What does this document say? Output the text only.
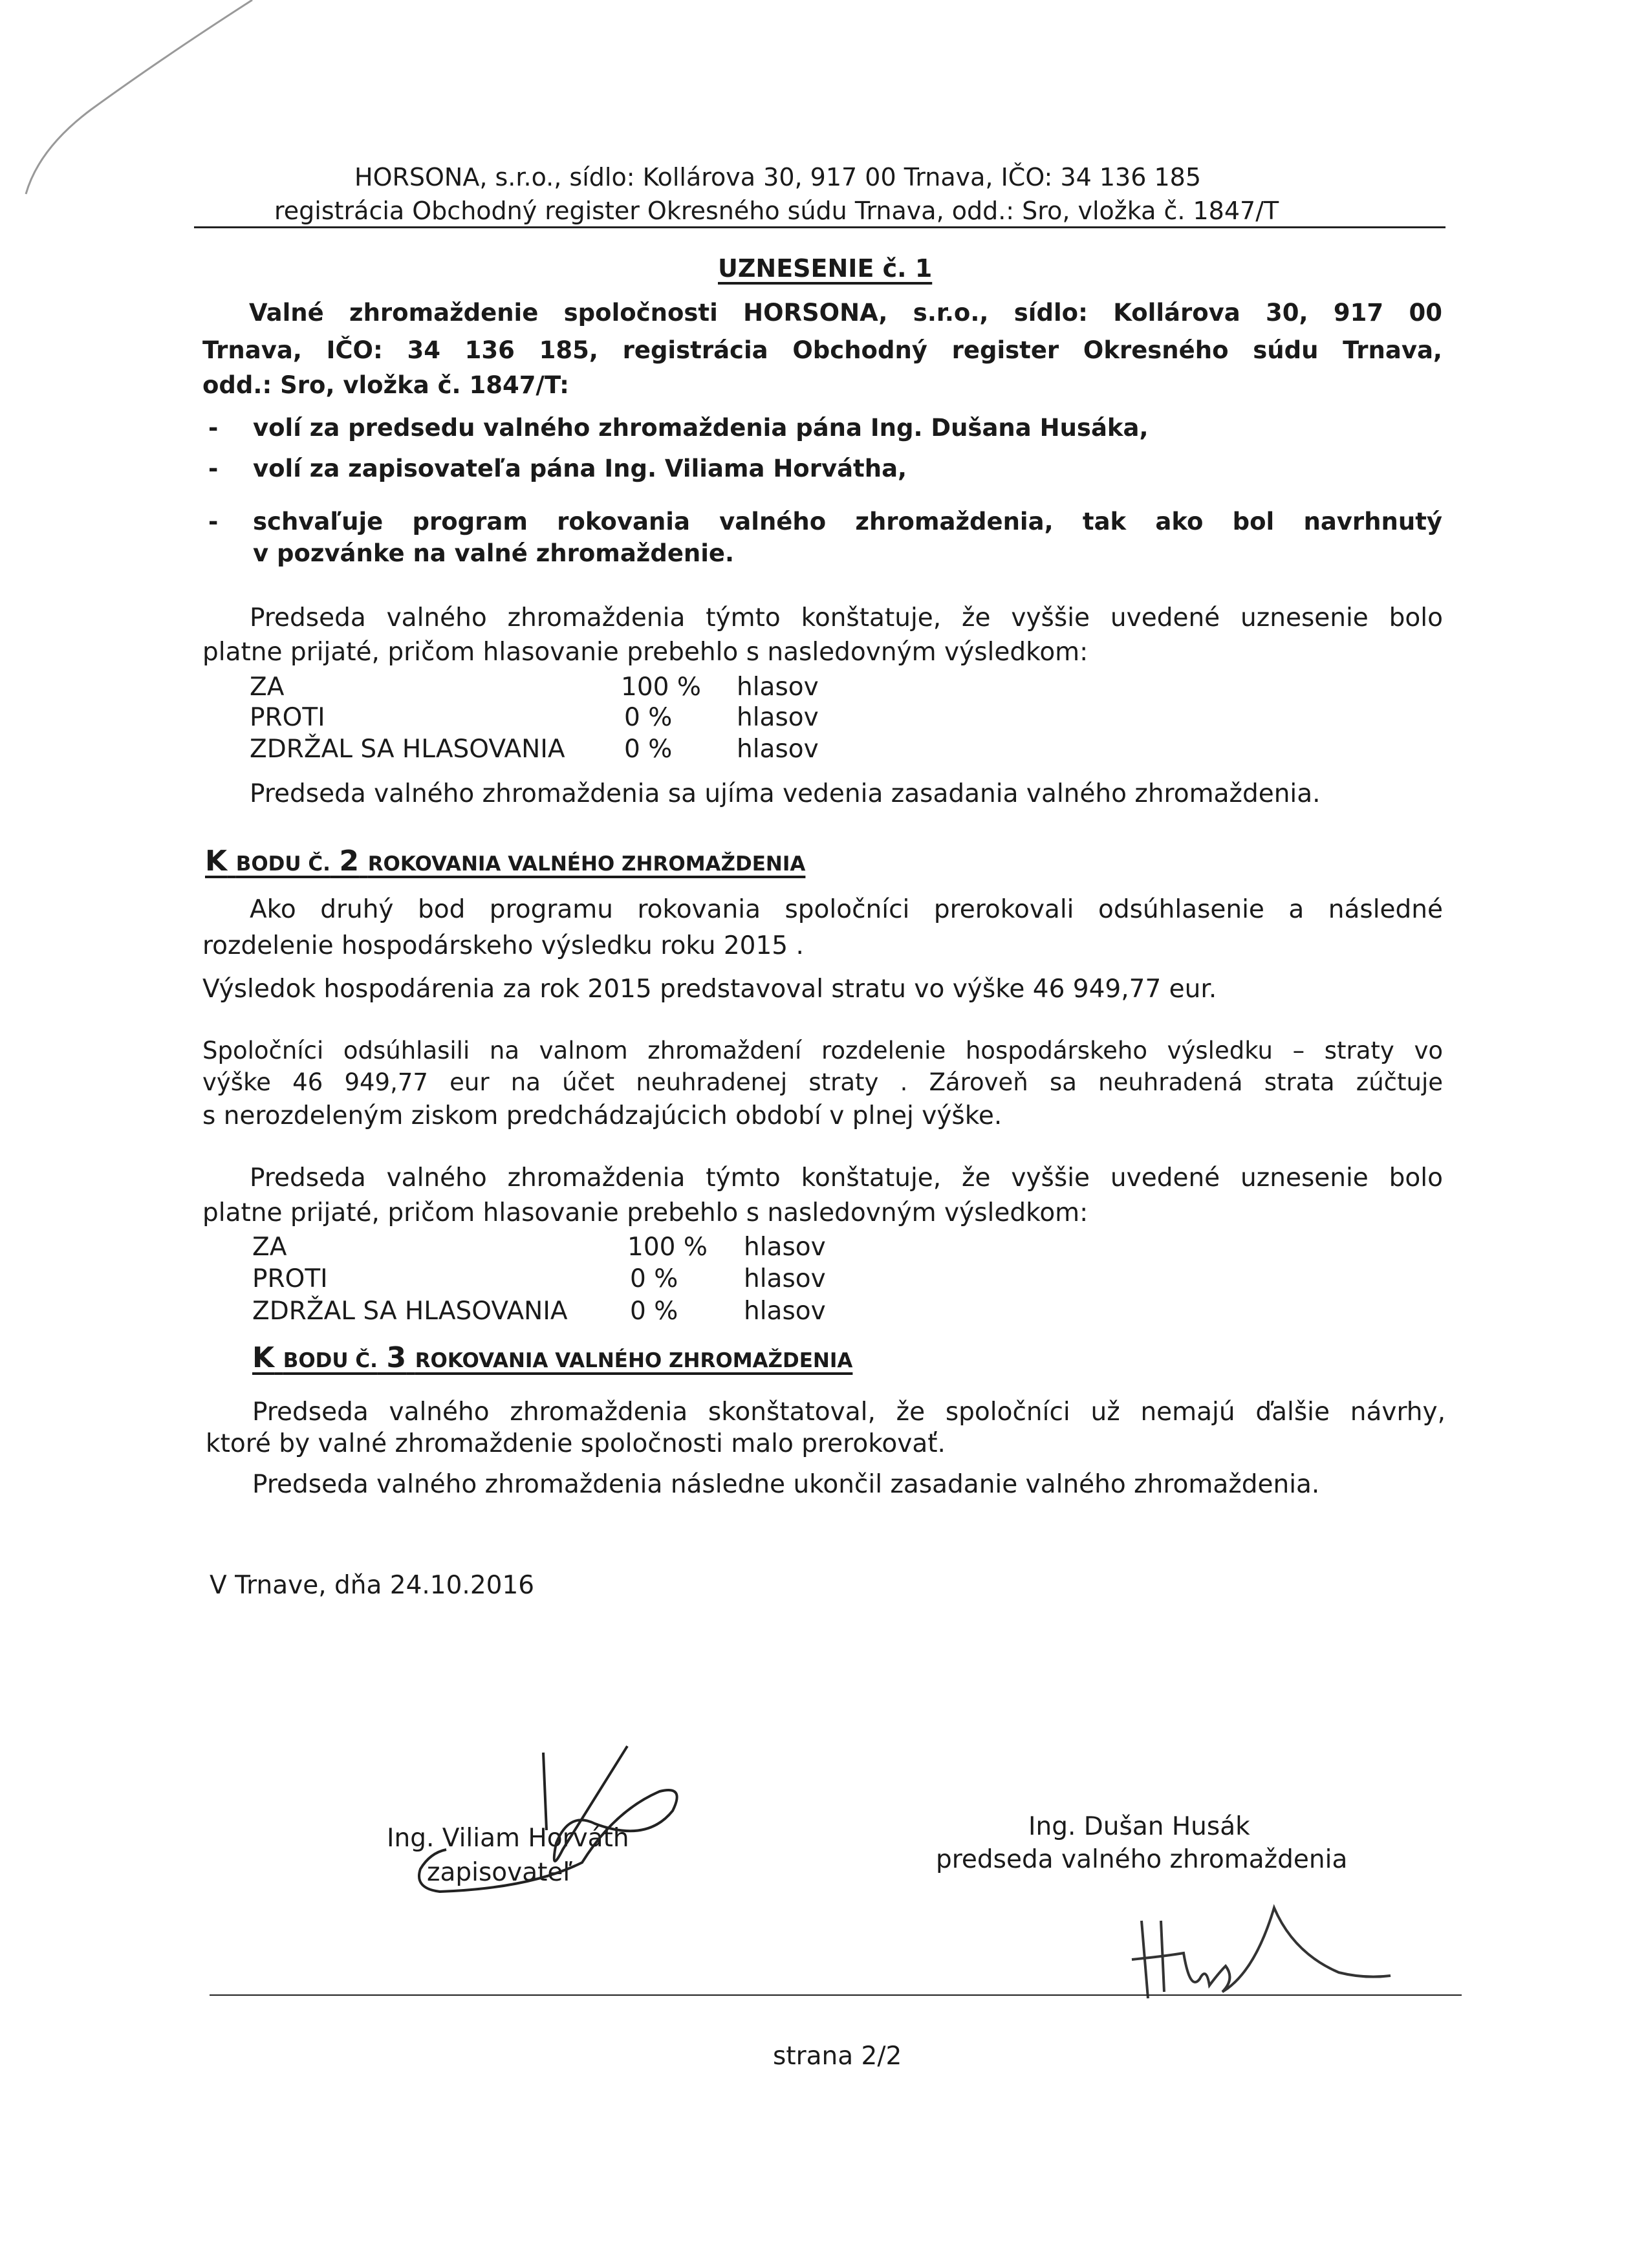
HORSONA, s.r.o., sídlo: Kollárova 30, 917 00 Trnava, IČO: 34 136 185
registrácia Obchodný register Okresného súdu Trnava, odd.: Sro, vložka č. 1847/T
UZNESENIE č. 1
Valné zhromaždenie spoločnosti HORSONA, s.r.o., sídlo: Kollárova 30, 917 00
Trnava, IČO: 34 136 185, registrácia Obchodný register Okresného súdu Trnava,
odd.: Sro, vložka č. 1847/T:
- volí za predsedu valného zhromaždenia pána Ing. Dušana Husáka,
- volí za zapisovateľa pána Ing. Viliama Horvátha,
- schvaľuje program rokovania valného zhromaždenia, tak ako bol navrhnutý
v pozvánke na valné zhromaždenie.
Predseda valného zhromaždenia týmto konštatuje, že vyššie uvedené uznesenie bolo
platne prijaté, pričom hlasovanie prebehlo s nasledovným výsledkom:
ZA	100 % hlasov
PROTI	0 %	hlasov
ZDRŽAL SA HLASOVANIA 0 %	hlasov
Predseda valného zhromaždenia sa ujíma vedenia zasadania valného zhromaždenia.
K BODU Č. 2 ROKOVANIA VALNÉHO ZHROMAŽDENIA
Ako druhý bod programu rokovania spoločníci prerokovali odsúhlasenie a následné
rozdelenie hospodárskeho výsledku roku 2015 .
Výsledok hospodárenia za rok 2015 predstavoval stratu vo výške 46 949,77 eur.
Spoločníci odsúhlasili na valnom zhromaždení rozdelenie hospodárskeho výsledku – straty vo
výške 46 949,77 eur na účet neuhradenej straty . Zároveň sa neuhradená strata zúčtuje
s nerozdeleným ziskom predchádzajúcich období v plnej výške.
Predseda valného zhromaždenia týmto konštatuje, že vyššie uvedené uznesenie bolo
platne prijaté, pričom hlasovanie prebehlo s nasledovným výsledkom:
ZA	100 % hlasov
PROTI	0 %	hlasov
ZDRŽAL SA HLASOVANIA 0 %	hlasov
K BODU Č. 3 ROKOVANIA VALNÉHO ZHROMAŽDENIA
Predseda valného zhromaždenia skonštatoval, že spoločníci už nemajú ďalšie návrhy,
ktoré by valné zhromaždenie spoločnosti malo prerokovať.
Predseda valného zhromaždenia následne ukončil zasadanie valného zhromaždenia.
V Trnave, dňa 24.10.2016
Ing. Viliam Horváth
zapisovateľ
Ing. Dušan Husák
predseda valného zhromaždenia
strana 2/2
